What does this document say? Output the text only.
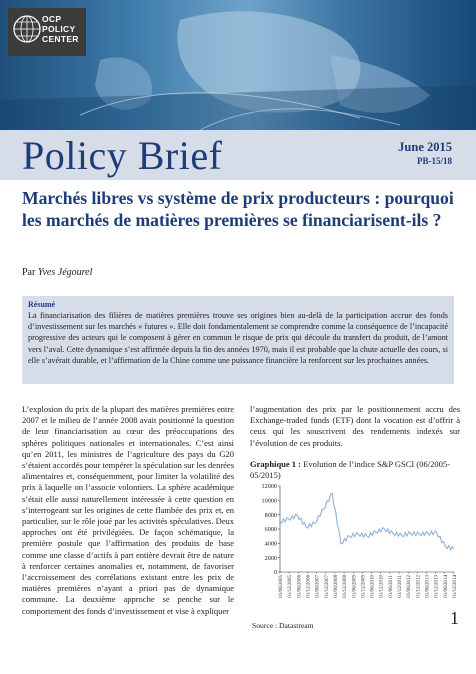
OCP
POLICY
CENTER
Policy Brief	June 2015
PB-15/18
Marchés libres vs système de prix producteurs : pourquoi les marchés de matières premières se financiarisent-ils ?
Par Yves Jégourel
Résumé
La financiarisation des filières de matières premières trouve ses origines bien au-delà de la participation accrue des fonds d’investissement sur les marchés « futures ». Elle doit fondamentalement se comprendre comme la conséquence de l’incapacité progressive des acteurs qui le composent à gérer en commun le risque de prix qui découle du transfert du produit, de l’amont vers l’aval. Cette dynamique s’est affirmée depuis la fin des années 1970, mais il est probable que la chute actuelle des cours, si elle s’avérait durable, et l’affirmation de la Chine comme une puissance financière la renforcent sur les prochaines années.
L’explosion du prix de la plupart des matières premières entre 2007 et le milieu de l’année 2008 avait positionné la question de leur financiarisation au cœur des préoccupations des sphères politiques nationales et internationales. C’est ainsi qu’en 2011, les ministres de l’agriculture des pays du G20 s’étaient accordés pour tempérer la spéculation sur les denrées alimentaires et, conséquemment, pour limiter la volatilité des prix à laquelle on l’associe volontiers. La sphère académique s’était elle aussi naturellement intéressée à cette question en s’interrogeant sur les origines de cette flambée des prix et, en particulier, sur le rôle joué par les activités spéculatives. Deux approches ont été privilégiées. De façon schématique, la première postule que l’affirmation des produits de base comme une classe d’actifs à part entière devrait être de nature à renforcer certaines anomalies et, notamment, de favoriser l’accroissement des corrélations existant entre les prix de matières premières n’ayant a priori pas de dynamique commune. La deuxième approche se penche sur le comportement des fonds d’investissement et vise à expliquer
l’augmentation des prix par le positionnement accru des Exchange-traded funds (ETF) dont la vocation est d’offrir à ceux qui les souscrivent des rendements indexés sur l’évolution de ces produits.
Graphique 1 : Evolution de l’indice S&P GSCI (06/2005-05/2015)
0
2000
4000
6000
8000
10000
12000
01/06/2005 01/12/2005 01/06/2006 01/12/2006 01/06/2007 01/12/2007 01/06/2008 01/12/2008 01/06/2009 01/12/2009 01/06/2010 01/12/2010 01/06/2011 01/12/2011 01/06/2012 01/12/2012 01/06/2013 01/12/2013 01/06/2014 01/12/2014
Source : Datastream	1
